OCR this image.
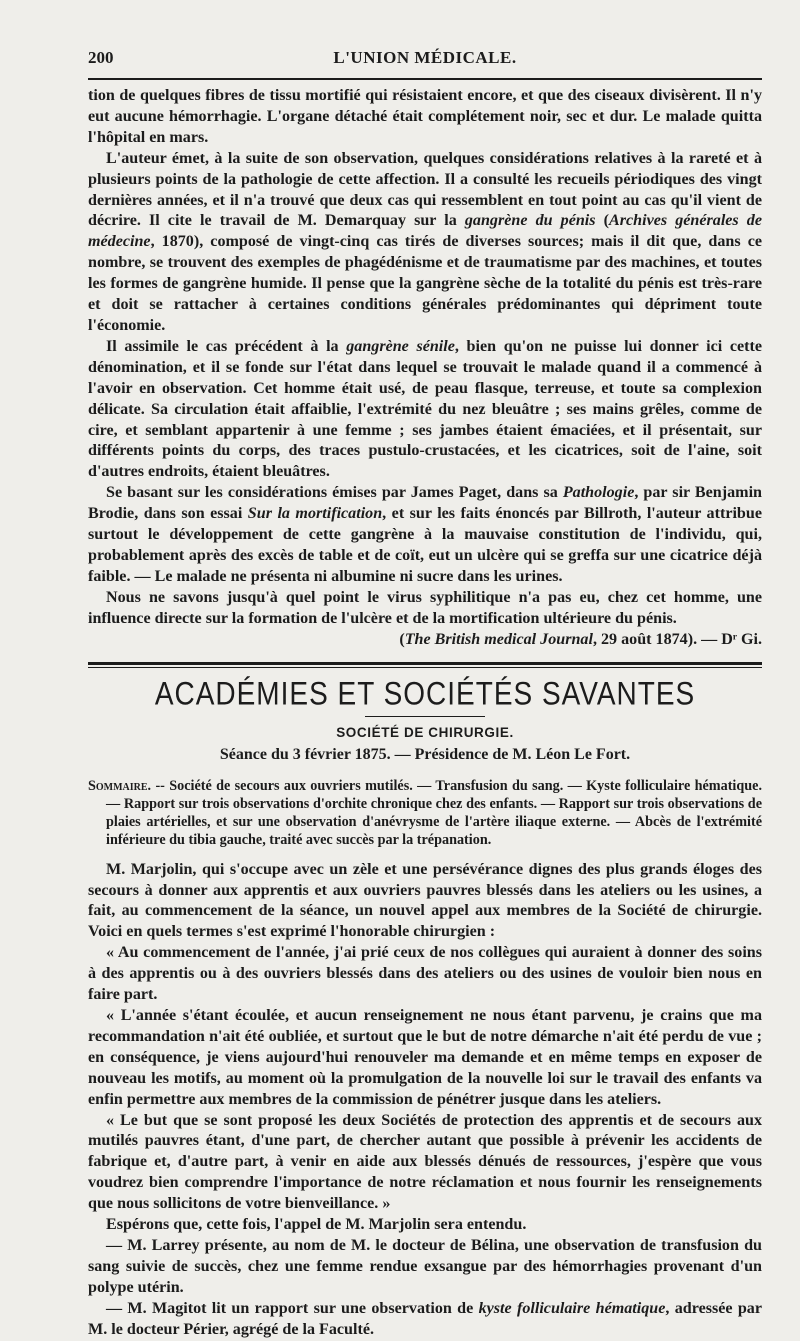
200	L'UNION MÉDICALE.

tion de quelques fibres de tissu mortifié qui résistaient encore, et que des ciseaux divisèrent. Il n'y eut aucune hémorrhagie. L'organe détaché était complétement noir, sec et dur. Le malade quitta l'hôpital en mars.

L'auteur émet, à la suite de son observation, quelques considérations relatives à la rareté et à plusieurs points de la pathologie de cette affection. Il a consulté les recueils périodiques des vingt dernières années, et il n'a trouvé que deux cas qui ressemblent en tout point au cas qu'il vient de décrire. Il cite le travail de M. Demarquay sur la gangrène du pénis (Archives générales de médecine, 1870), composé de vingt-cinq cas tirés de diverses sources; mais il dit que, dans ce nombre, se trouvent des exemples de phagédénisme et de traumatisme par des machines, et toutes les formes de gangrène humide. Il pense que la gangrène sèche de la totalité du pénis est très-rare et doit se rattacher à certaines conditions générales prédominantes qui dépriment toute l'économie.

Il assimile le cas précédent à la gangrène sénile, bien qu'on ne puisse lui donner ici cette dénomination, et il se fonde sur l'état dans lequel se trouvait le malade quand il a commencé à l'avoir en observation. Cet homme était usé, de peau flasque, terreuse, et toute sa complexion délicate. Sa circulation était affaiblie, l'extrémité du nez bleuâtre ; ses mains grêles, comme de cire, et semblant appartenir à une femme ; ses jambes étaient émaciées, et il présentait, sur différents points du corps, des traces pustulo-crustacées, et les cicatrices, soit de l'aine, soit d'autres endroits, étaient bleuâtres.

Se basant sur les considérations émises par James Paget, dans sa Pathologie, par sir Benjamin Brodie, dans son essai Sur la mortification, et sur les faits énoncés par Billroth, l'auteur attribue surtout le développement de cette gangrène à la mauvaise constitution de l'individu, qui, probablement après des excès de table et de coït, eut un ulcère qui se greffa sur une cicatrice déjà faible. — Le malade ne présenta ni albumine ni sucre dans les urines.

Nous ne savons jusqu'à quel point le virus syphilitique n'a pas eu, chez cet homme, une influence directe sur la formation de l'ulcère et de la mortification ultérieure du pénis.

(The British medical Journal, 29 août 1874). — Dʳ Gi.

ACADÉMIES ET SOCIÉTÉS SAVANTES
SOCIÉTÉ DE CHIRURGIE.
Séance du 3 février 1875. — Présidence de M. Léon Le Fort.
Sommaire. -- Société de secours aux ouvriers mutilés. — Transfusion du sang. — Kyste folliculaire hématique. — Rapport sur trois observations d'orchite chronique chez des enfants. — Rapport sur trois observations de plaies artérielles, et sur une observation d'anévrysme de l'artère iliaque externe. — Abcès de l'extrémité inférieure du tibia gauche, traité avec succès par la trépanation.

M. Marjolin, qui s'occupe avec un zèle et une persévérance dignes des plus grands éloges des secours à donner aux apprentis et aux ouvriers pauvres blessés dans les ateliers ou les usines, a fait, au commencement de la séance, un nouvel appel aux membres de la Société de chirurgie. Voici en quels termes s'est exprimé l'honorable chirurgien :

« Au commencement de l'année, j'ai prié ceux de nos collègues qui auraient à donner des soins à des apprentis ou à des ouvriers blessés dans des ateliers ou des usines de vouloir bien nous en faire part.

« L'année s'étant écoulée, et aucun renseignement ne nous étant parvenu, je crains que ma recommandation n'ait été oubliée, et surtout que le but de notre démarche n'ait été perdu de vue ; en conséquence, je viens aujourd'hui renouveler ma demande et en même temps en exposer de nouveau les motifs, au moment où la promulgation de la nouvelle loi sur le travail des enfants va enfin permettre aux membres de la commission de pénétrer jusque dans les ateliers.

« Le but que se sont proposé les deux Sociétés de protection des apprentis et de secours aux mutilés pauvres étant, d'une part, de chercher autant que possible à prévenir les accidents de fabrique et, d'autre part, à venir en aide aux blessés dénués de ressources, j'espère que vous voudrez bien comprendre l'importance de notre réclamation et nous fournir les renseignements que nous sollicitons de votre bienveillance. »

Espérons que, cette fois, l'appel de M. Marjolin sera entendu.

— M. Larrey présente, au nom de M. le docteur de Bélina, une observation de transfusion du sang suivie de succès, chez une femme rendue exsangue par des hémorrhagies provenant d'un polype utérin.

— M. Magitot lit un rapport sur une observation de kyste folliculaire hématique, adressée par M. le docteur Périer, agrégé de la Faculté.
